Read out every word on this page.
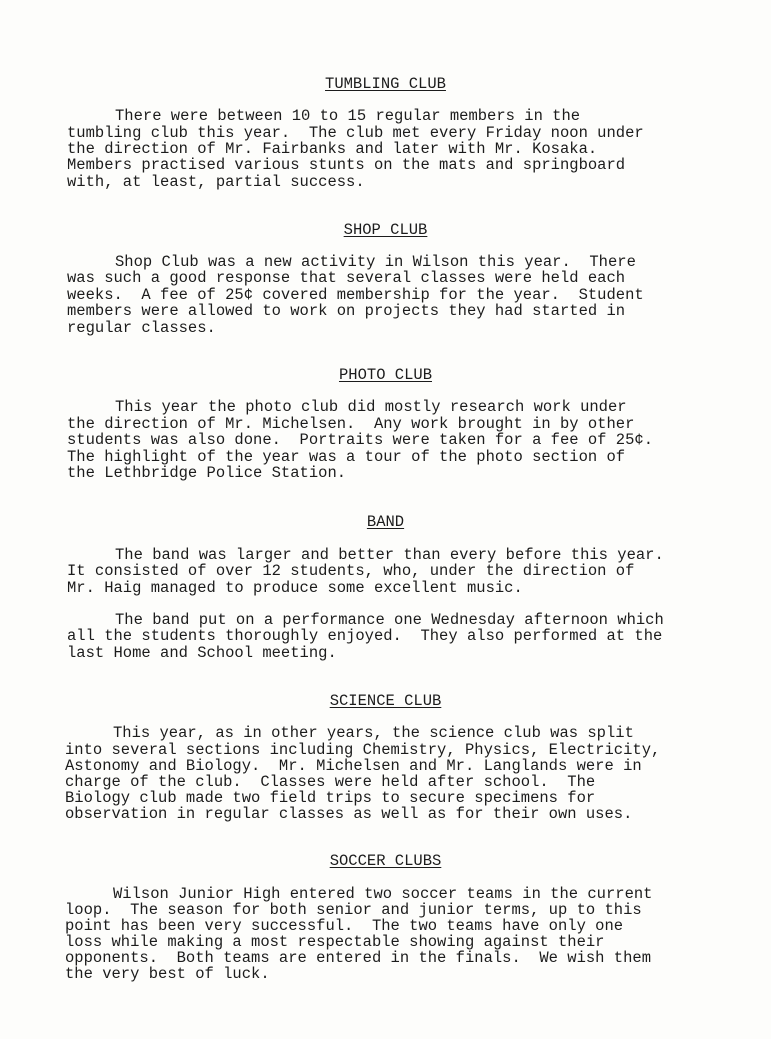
TUMBLING CLUB
There were between 10 to 15 regular members in the
tumbling club this year.  The club met every Friday noon under
the direction of Mr. Fairbanks and later with Mr. Kosaka.
Members practised various stunts on the mats and springboard
with, at least, partial success.
SHOP CLUB
Shop Club was a new activity in Wilson this year.  There
was such a good response that several classes were held each
weeks.  A fee of 25¢ covered membership for the year.  Student
members were allowed to work on projects they had started in
regular classes.
PHOTO CLUB
This year the photo club did mostly research work under
the direction of Mr. Michelsen.  Any work brought in by other
students was also done.  Portraits were taken for a fee of 25¢.
The highlight of the year was a tour of the photo section of
the Lethbridge Police Station.
BAND
The band was larger and better than every before this year.
It consisted of over 12 students, who, under the direction of
Mr. Haig managed to produce some excellent music.
The band put on a performance one Wednesday afternoon which
all the students thoroughly enjoyed.  They also performed at the
last Home and School meeting.
SCIENCE CLUB
This year, as in other years, the science club was split
into several sections including Chemistry, Physics, Electricity,
Astonomy and Biology.  Mr. Michelsen and Mr. Langlands were in
charge of the club.  Classes were held after school.  The
Biology club made two field trips to secure specimens for
observation in regular classes as well as for their own uses.
SOCCER CLUBS
Wilson Junior High entered two soccer teams in the current
loop.  The season for both senior and junior terms, up to this
point has been very successful.  The two teams have only one
loss while making a most respectable showing against their
opponents.  Both teams are entered in the finals.  We wish them
the very best of luck.
